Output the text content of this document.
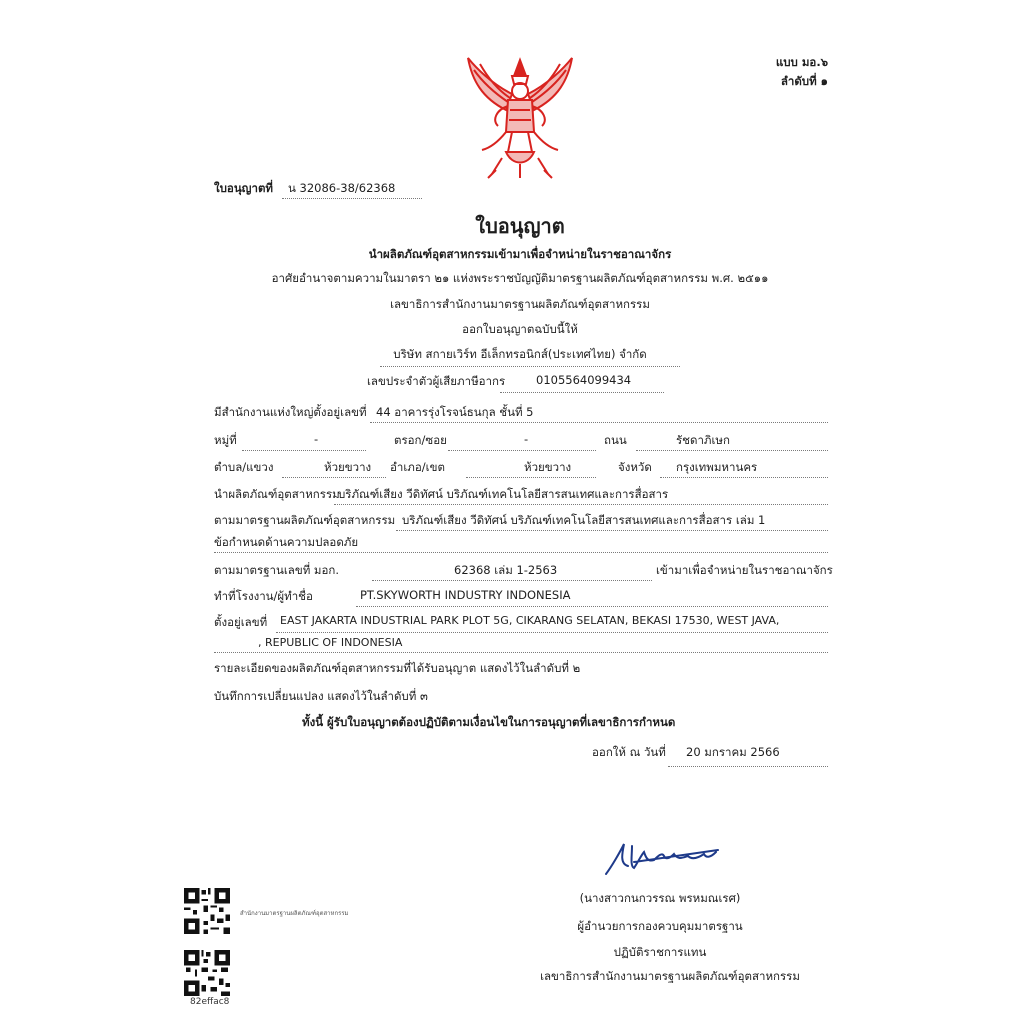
แบบ มอ.๖
ลำดับที่ ๑
ใบอนุญาตที่ น 32086-38/62368
ใบอนุญาต
นำผลิตภัณฑ์อุตสาหกรรมเข้ามาเพื่อจำหน่ายในราชอาณาจักร
อาศัยอำนาจตามความในมาตรา ๒๑ แห่งพระราชบัญญัติมาตรฐานผลิตภัณฑ์อุตสาหกรรม พ.ศ. ๒๕๑๑
เลขาธิการสำนักงานมาตรฐานผลิตภัณฑ์อุตสาหกรรม
ออกใบอนุญาตฉบับนี้ให้
บริษัท สกายเวิร์ท อีเล็กทรอนิกส์(ประเทศไทย) จำกัด
เลขประจำตัวผู้เสียภาษีอากร	0105564099434
มีสำนักงานแห่งใหญ่ตั้งอยู่เลขที่ 44 อาคารรุ่งโรจน์ธนกุล ชั้นที่ 5
หมู่ที่	-	ตรอก/ซอย	-	ถนน	รัชดาภิเษก
ตำบล/แขวง	ห้วยขวาง อำเภอ/เขต	ห้วยขวาง	จังหวัด กรุงเทพมหานคร
นำผลิตภัณฑ์อุตสาหกรรม
บริภัณฑ์เสียง วีดิทัศน์ บริภัณฑ์เทคโนโลยีสารสนเทศและการสื่อสาร
ตามมาตรฐานผลิตภัณฑ์อุตสาหกรรม บริภัณฑ์เสียง วีดิทัศน์ บริภัณฑ์เทคโนโลยีสารสนเทศและการสื่อสาร เล่ม 1
ข้อกำหนดด้านความปลอดภัย
ตามมาตรฐานเลขที่ มอก.	62368 เล่ม 1-2563	เข้ามาเพื่อจำหน่ายในราชอาณาจักร
ทำที่โรงงาน/ผู้ทำชื่อ	PT.SKYWORTH INDUSTRY INDONESIA
ตั้งอยู่เลขที่ EAST JAKARTA INDUSTRIAL PARK PLOT 5G, CIKARANG SELATAN, BEKASI 17530, WEST JAVA,
, REPUBLIC OF INDONESIA
รายละเอียดของผลิตภัณฑ์อุตสาหกรรมที่ได้รับอนุญาต แสดงไว้ในลำดับที่ ๒
บันทึกการเปลี่ยนแปลง แสดงไว้ในลำดับที่ ๓
ทั้งนี้ ผู้รับใบอนุญาตต้องปฏิบัติตามเงื่อนไขในการอนุญาตที่เลขาธิการกำหนด
ออกให้ ณ วันที่ 20 มกราคม 2566
(นางสาวกนกวรรณ พรหมณเรศ)
ผู้อำนวยการกองควบคุมมาตรฐาน
ปฏิบัติราชการแทน
เลขาธิการสำนักงานมาตรฐานผลิตภัณฑ์อุตสาหกรรม
สำนักงานมาตรฐานผลิตภัณฑ์อุตสาหกรรม
82effac8
